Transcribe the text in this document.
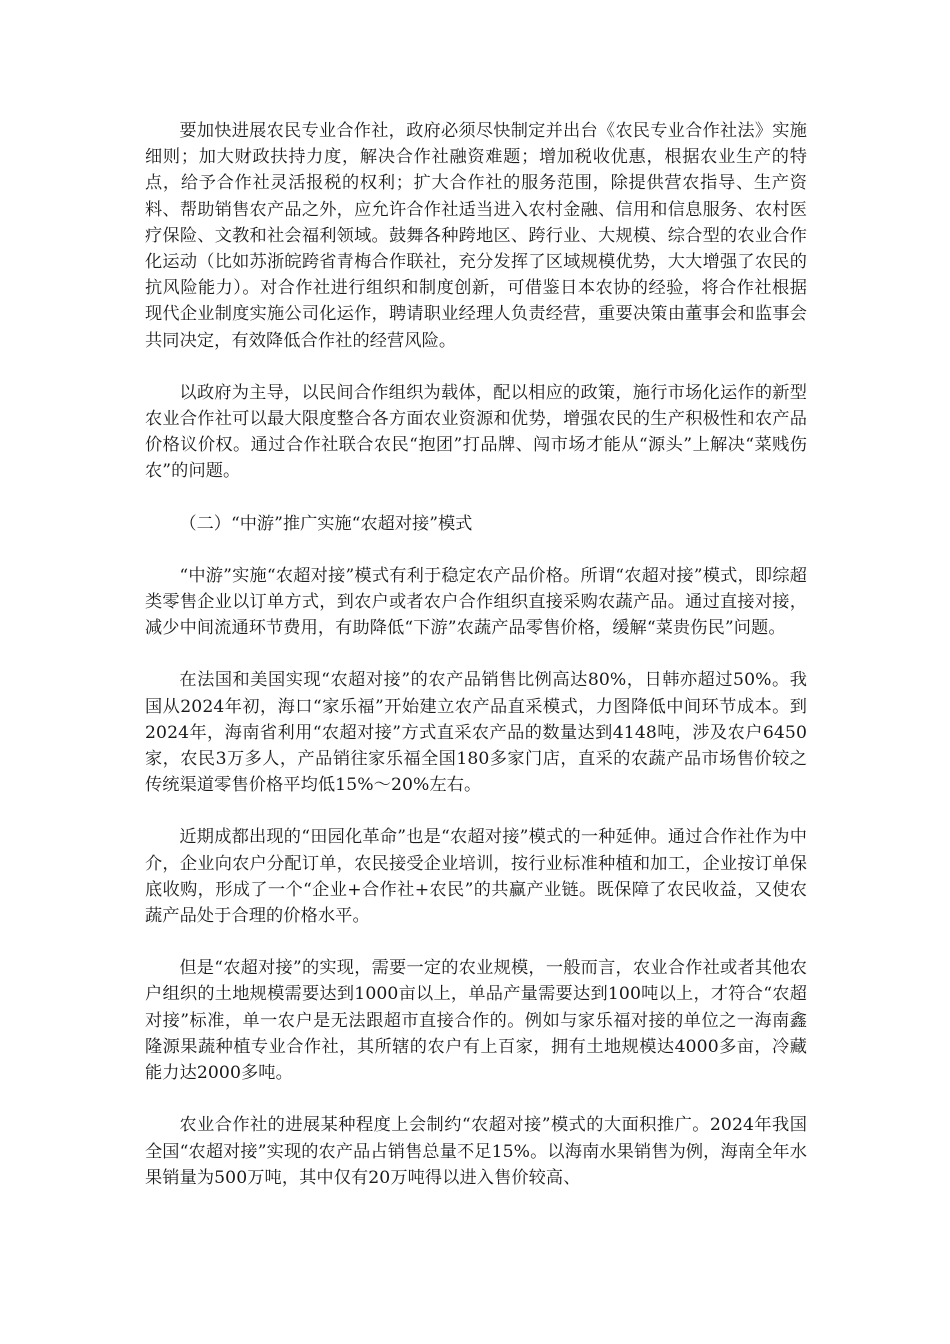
要加快进展农民专业合作社，政府必须尽快制定并出台《农民专业合作社法》实施细则；加大财政扶持力度，解决合作社融资难题；增加税收优惠，根据农业生产的特点，给予合作社灵活报税的权利；扩大合作社的服务范围，除提供营农指导、生产资料、帮助销售农产品之外，应允许合作社适当进入农村金融、信用和信息服务、农村医疗保险、文教和社会福利领域。鼓舞各种跨地区、跨行业、大规模、综合型的农业合作化运动（比如苏浙皖跨省青梅合作联社，充分发挥了区域规模优势，大大增强了农民的抗风险能力）。对合作社进行组织和制度创新，可借鉴日本农协的经验，将合作社根据现代企业制度实施公司化运作，聘请职业经理人负责经营，重要决策由董事会和监事会共同决定，有效降低合作社的经营风险。

以政府为主导，以民间合作组织为载体，配以相应的政策，施行市场化运作的新型农业合作社可以最大限度整合各方面农业资源和优势，增强农民的生产积极性和农产品价格议价权。通过合作社联合农民“抱团”打品牌、闯市场才能从“源头”上解决“菜贱伤农”的问题。

（二）“中游”推广实施“农超对接”模式

“中游”实施“农超对接”模式有利于稳定农产品价格。所谓“农超对接”模式，即综超类零售企业以订单方式，到农户或者农户合作组织直接采购农蔬产品。通过直接对接，减少中间流通环节费用，有助降低“下游”农蔬产品零售价格，缓解“菜贵伤民”问题。

在法国和美国实现“农超对接”的农产品销售比例高达80%，日韩亦超过50%。我国从2024年初，海口“家乐福”开始建立农产品直采模式，力图降低中间环节成本。到2024年，海南省利用“农超对接”方式直采农产品的数量达到4148吨，涉及农户6450家，农民3万多人，产品销往家乐福全国180多家门店，直采的农蔬产品市场售价较之传统渠道零售价格平均低15%～20%左右。

近期成都出现的“田园化革命”也是“农超对接”模式的一种延伸。通过合作社作为中介，企业向农户分配订单，农民接受企业培训，按行业标准种植和加工，企业按订单保底收购，形成了一个“企业+合作社+农民”的共赢产业链。既保障了农民收益，又使农蔬产品处于合理的价格水平。

但是“农超对接”的实现，需要一定的农业规模，一般而言，农业合作社或者其他农户组织的土地规模需要达到1000亩以上，单品产量需要达到100吨以上，才符合“农超对接”标准，单一农户是无法跟超市直接合作的。例如与家乐福对接的单位之一海南鑫隆源果蔬种植专业合作社，其所辖的农户有上百家，拥有土地规模达4000多亩，冷藏能力达2000多吨。

农业合作社的进展某种程度上会制约“农超对接”模式的大面积推广。2024年我国全国“农超对接”实现的农产品占销售总量不足15%。以海南水果销售为例，海南全年水果销量为500万吨，其中仅有20万吨得以进入售价较高、
